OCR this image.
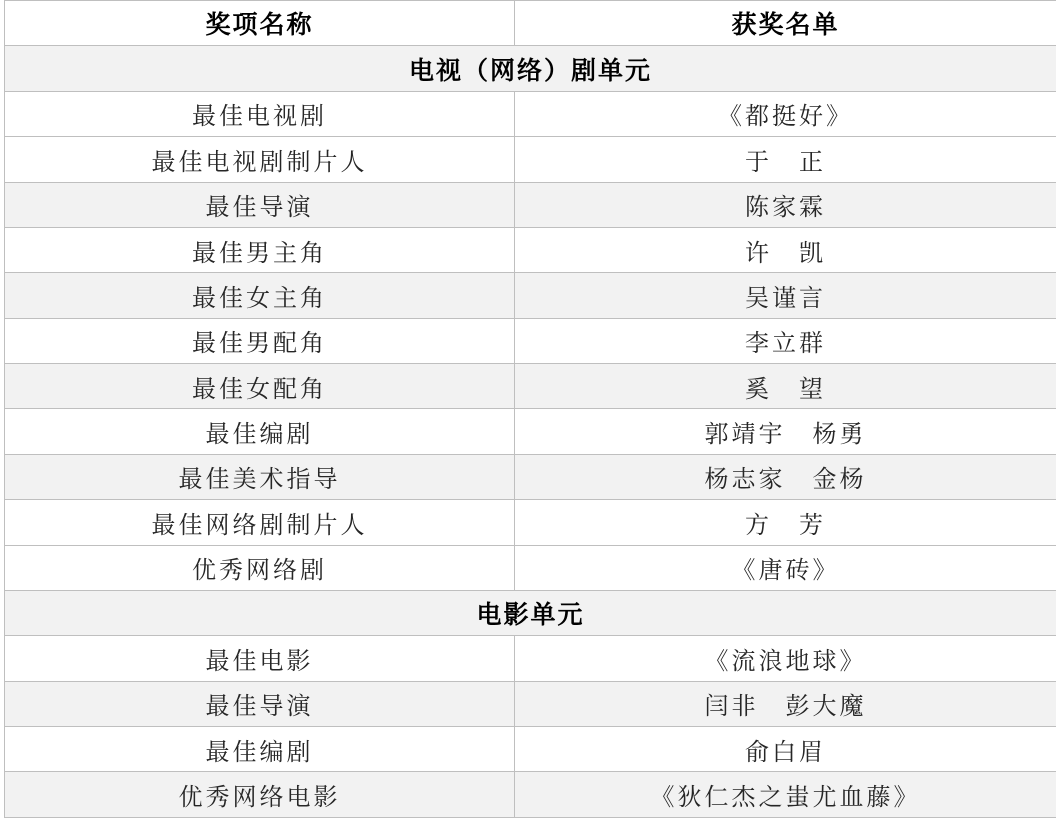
奖项名称	获奖名单
电视（网络）剧单元	
最佳电视剧	《都挺好》
最佳电视剧制片人	于　正
最佳导演	陈家霖
最佳男主角	许　凯
最佳女主角	吴谨言
最佳男配角	李立群
最佳女配角	奚　望
最佳编剧	郭靖宇　杨勇
最佳美术指导	杨志家　金杨
最佳网络剧制片人	方　芳
优秀网络剧	《唐砖》
电影单元	
最佳电影	《流浪地球》
最佳导演	闫非　彭大魔
最佳编剧	俞白眉
优秀网络电影	《狄仁杰之蚩尤血藤》
